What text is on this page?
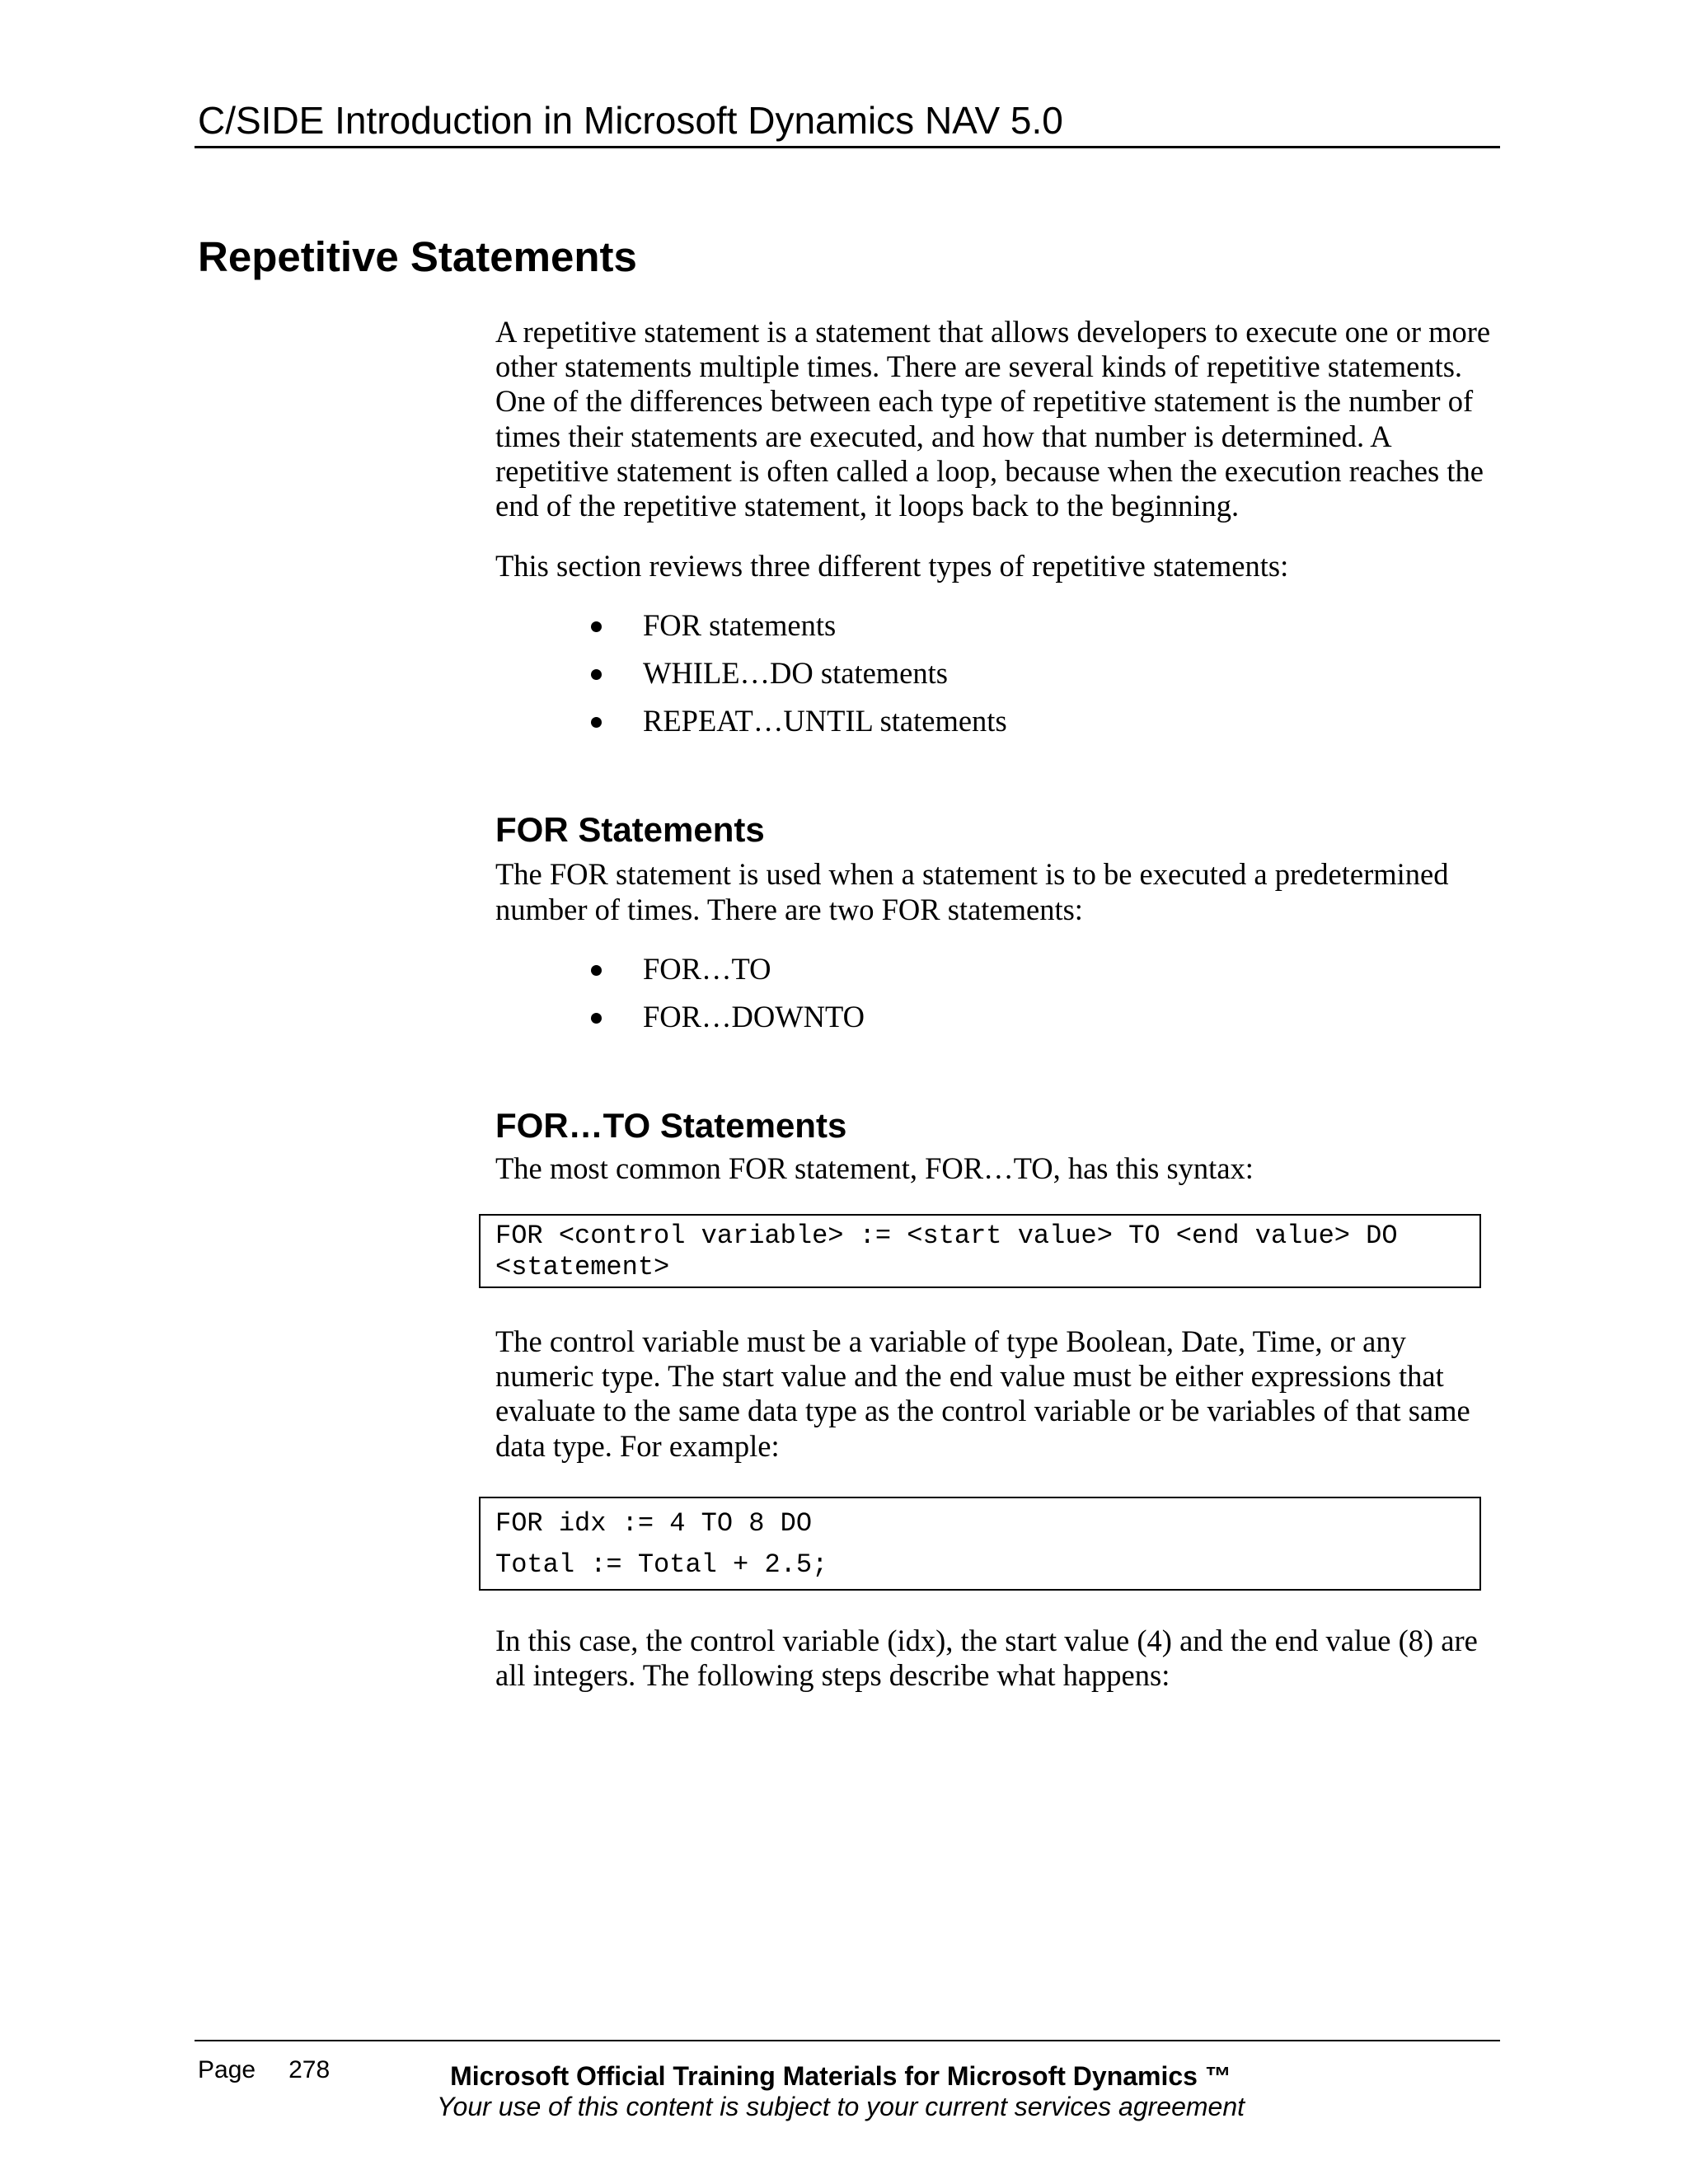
C/SIDE Introduction in Microsoft Dynamics NAV 5.0
Repetitive Statements

A repetitive statement is a statement that allows developers to execute one or more other statements multiple times. There are several kinds of repetitive statements. One of the differences between each type of repetitive statement is the number of times their statements are executed, and how that number is determined. A repetitive statement is often called a loop, because when the execution reaches the end of the repetitive statement, it loops back to the beginning.

This section reviews three different types of repetitive statements:

FOR statements
WHILE…DO statements
REPEAT…UNTIL statements
FOR Statements

The FOR statement is used when a statement is to be executed a predetermined number of times. There are two FOR statements:

FOR…TO
FOR…DOWNTO
FOR…TO Statements

The most common FOR statement, FOR…TO, has this syntax:

FOR <control variable> := <start value> TO <end value> DO
<statement>

The control variable must be a variable of type Boolean, Date, Time, or any numeric type. The start value and the end value must be either expressions that evaluate to the same data type as the control variable or be variables of that same data type. For example:

FOR idx := 4 TO 8 DO
Total := Total + 2.5;

In this case, the control variable (idx), the start value (4) and the end value (8) are all integers. The following steps describe what happens:

Page 278	Microsoft Official Training Materials for Microsoft Dynamics ™
Your use of this content is subject to your current services agreement
